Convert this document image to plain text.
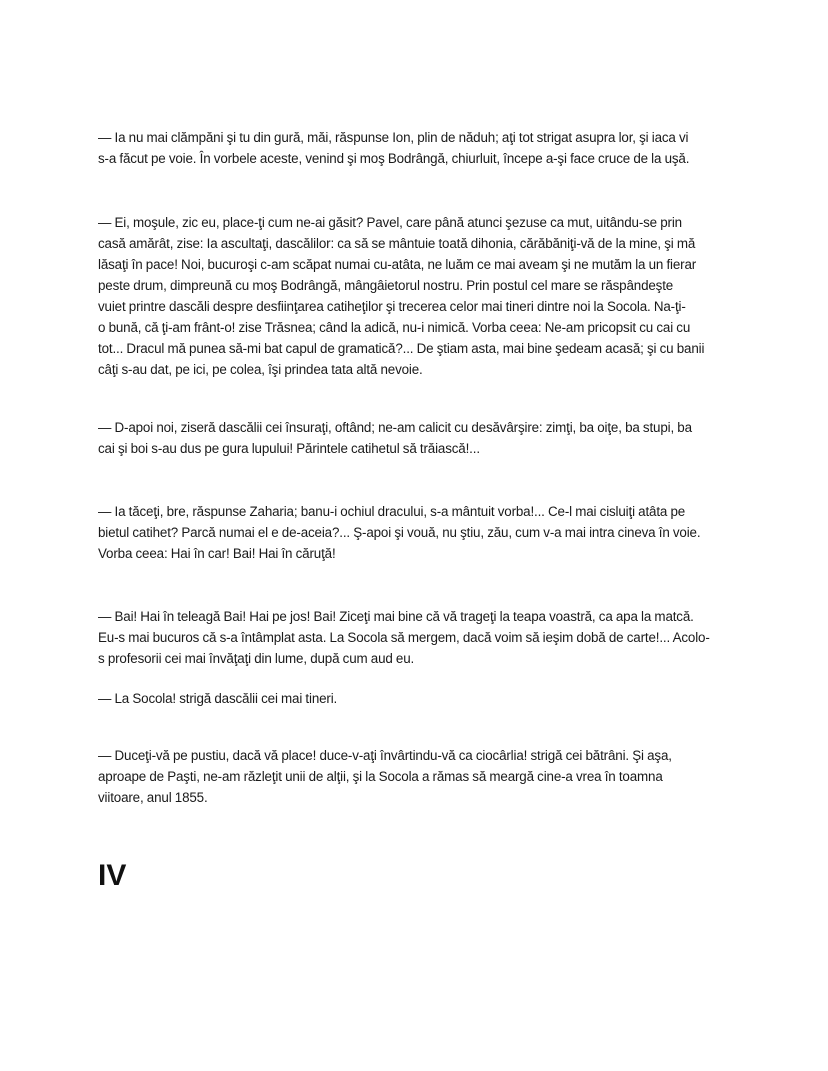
— Ia nu mai clămpăni şi tu din gură, măi, răspunse Ion, plin de năduh; aţi tot strigat asupra lor, şi iaca vi
s-a făcut pe voie. În vorbele aceste, venind şi moş Bodrângă, chiurluit, începe a-şi face cruce de la uşă.
— Ei, moşule, zic eu, place-ţi cum ne-ai găsit? Pavel, care până atunci şezuse ca mut, uitându-se prin
casă amărât, zise: Ia ascultaţi, dascălilor: ca să se mântuie toată dihonia, cărăbăniţi-vă de la mine, şi mă
lăsaţi în pace! Noi, bucuroşi c-am scăpat numai cu-atâta, ne luăm ce mai aveam şi ne mutăm la un fierar
peste drum, dimpreună cu moş Bodrângă, mângâietorul nostru. Prin postul cel mare se răspândeşte
vuiet printre dascăli despre desfiinţarea catiheţilor şi trecerea celor mai tineri dintre noi la Socola. Na-ţi-
o bună, că ţi-am frânt-o! zise Trăsnea; când la adică, nu-i nimică. Vorba ceea: Ne-am pricopsit cu cai cu
tot... Dracul mă punea să-mi bat capul de gramatică?... De ştiam asta, mai bine şedeam acasă; şi cu banii
câţi s-au dat, pe ici, pe colea, îşi prindea tata altă nevoie.
— D-apoi noi, ziseră dascălii cei însuraţi, oftând; ne-am calicit cu desăvârşire: zimţi, ba oiţe, ba stupi, ba
cai şi boi s-au dus pe gura lupului! Părintele catihetul să trăiască!...
— Ia tăceţi, bre, răspunse Zaharia; banu-i ochiul dracului, s-a mântuit vorba!... Ce-l mai cisluiţi atâta pe
bietul catihet? Parcă numai el e de-aceia?... Ş-apoi şi vouă, nu ştiu, zău, cum v-a mai intra cineva în voie.
Vorba ceea: Hai în car! Bai! Hai în căruţă!
— Bai! Hai în teleagă Bai! Hai pe jos! Bai! Ziceţi mai bine că vă trageţi la teapa voastră, ca apa la matcă.
Eu-s mai bucuros că s-a întâmplat asta. La Socola să mergem, dacă voim să ieşim dobă de carte!... Acolo-
s profesorii cei mai învăţaţi din lume, după cum aud eu.
— La Socola! strigă dascălii cei mai tineri.
— Duceţi-vă pe pustiu, dacă vă place! duce-v-aţi învârtindu-vă ca ciocârlia! strigă cei bătrâni. Şi aşa,
aproape de Paşti, ne-am răzleţit unii de alţii, şi la Socola a rămas să meargă cine-a vrea în toamna
viitoare, anul 1855.
IV
